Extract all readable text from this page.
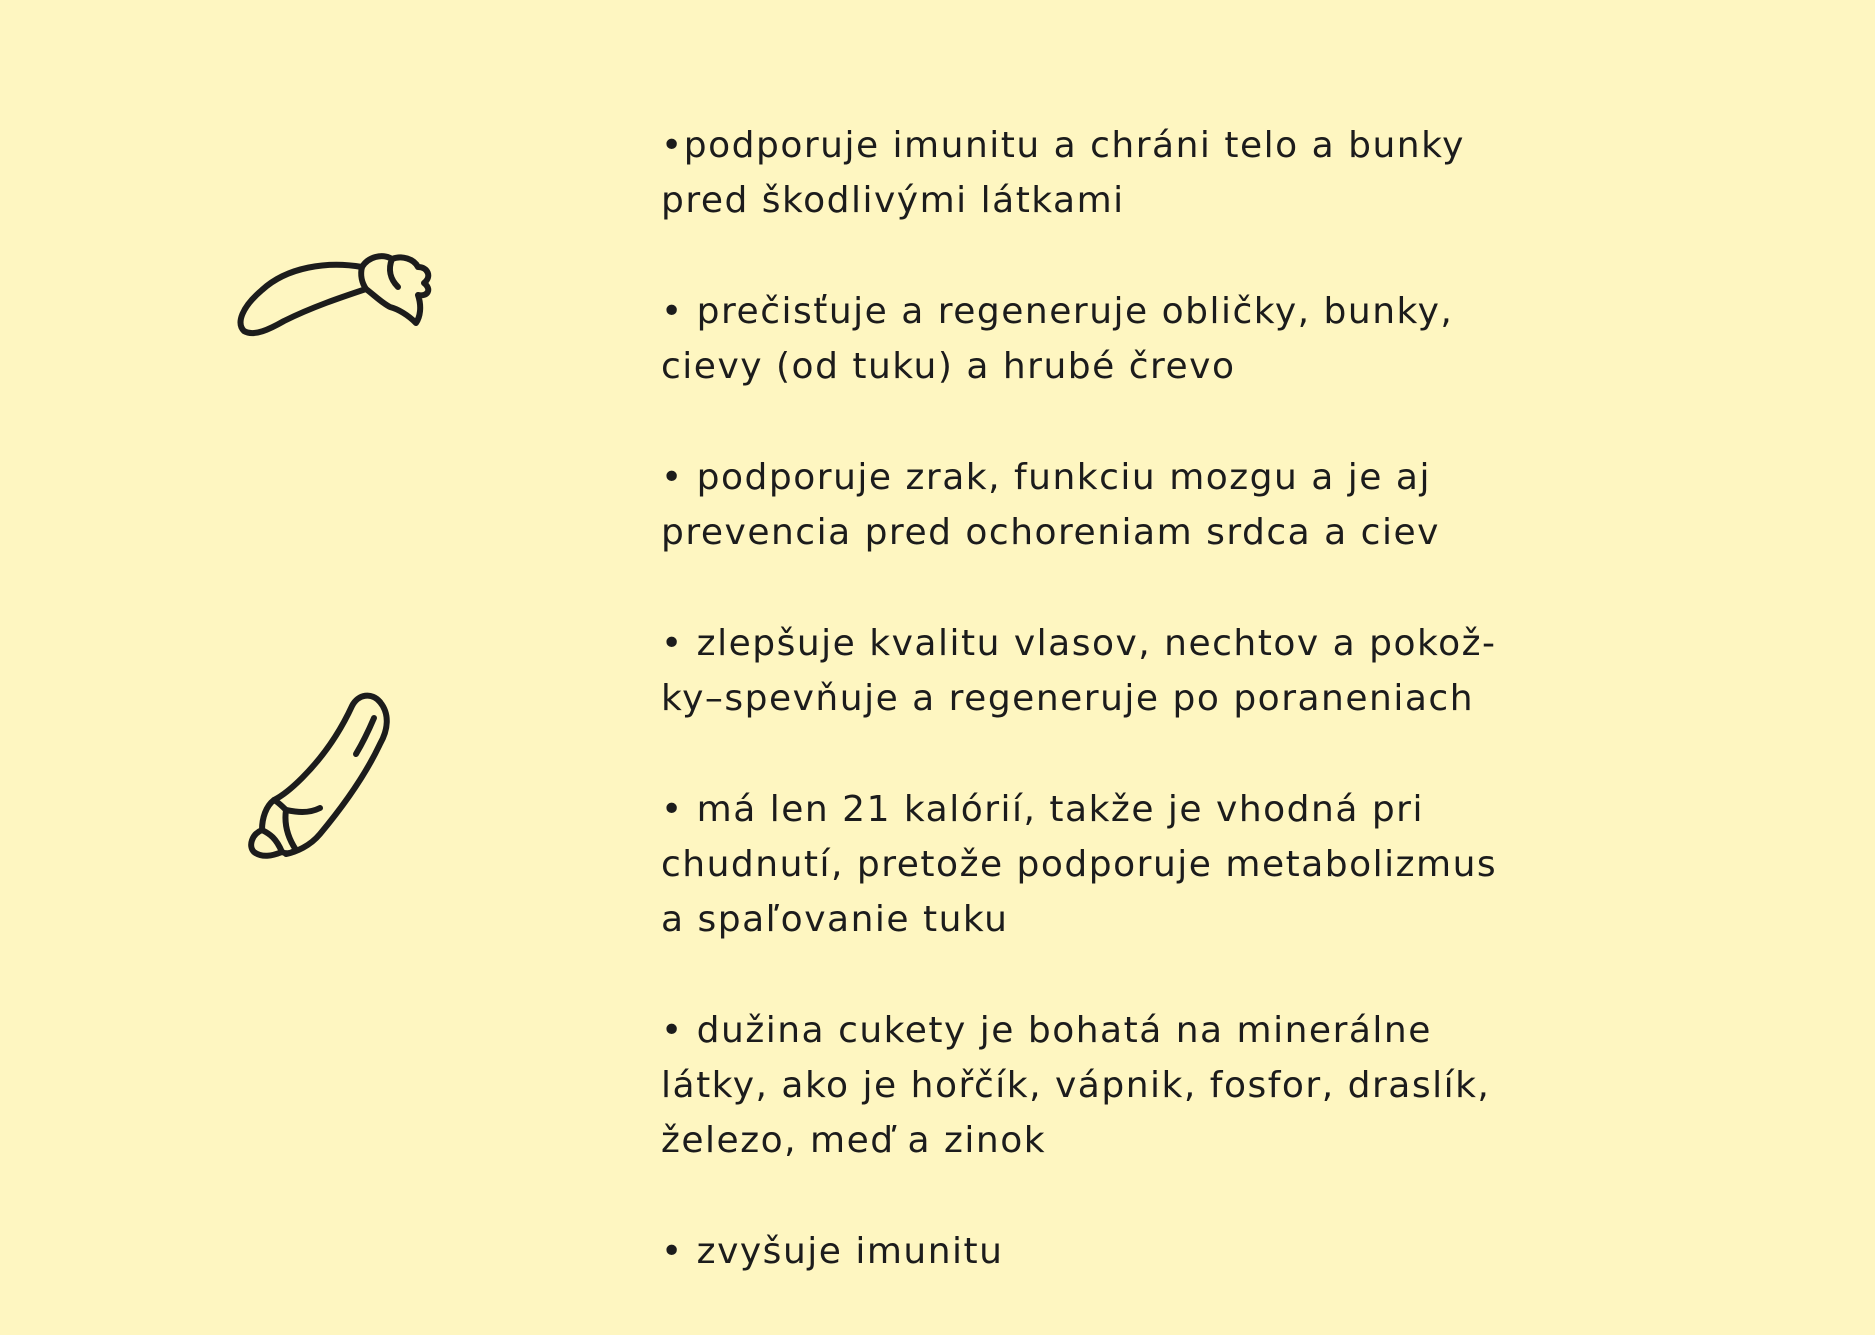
•podporuje imunitu a chráni telo a bunky
pred škodlivými látkami
• prečisťuje a regeneruje obličky, bunky,
cievy (od tuku) a hrubé črevo
• podporuje zrak, funkciu mozgu a je aj
prevencia pred ochoreniam srdca a ciev
• zlepšuje kvalitu vlasov, nechtov a pokož-
ky–spevňuje a regeneruje po poraneniach
• má len 21 kalórií, takže je vhodná pri
chudnutí, pretože podporuje metabolizmus
a spaľovanie tuku
• dužina cukety je bohatá na minerálne
látky, ako je hořčík, vápnik, fosfor, draslík,
železo, meď a zinok
• zvyšuje imunitu
